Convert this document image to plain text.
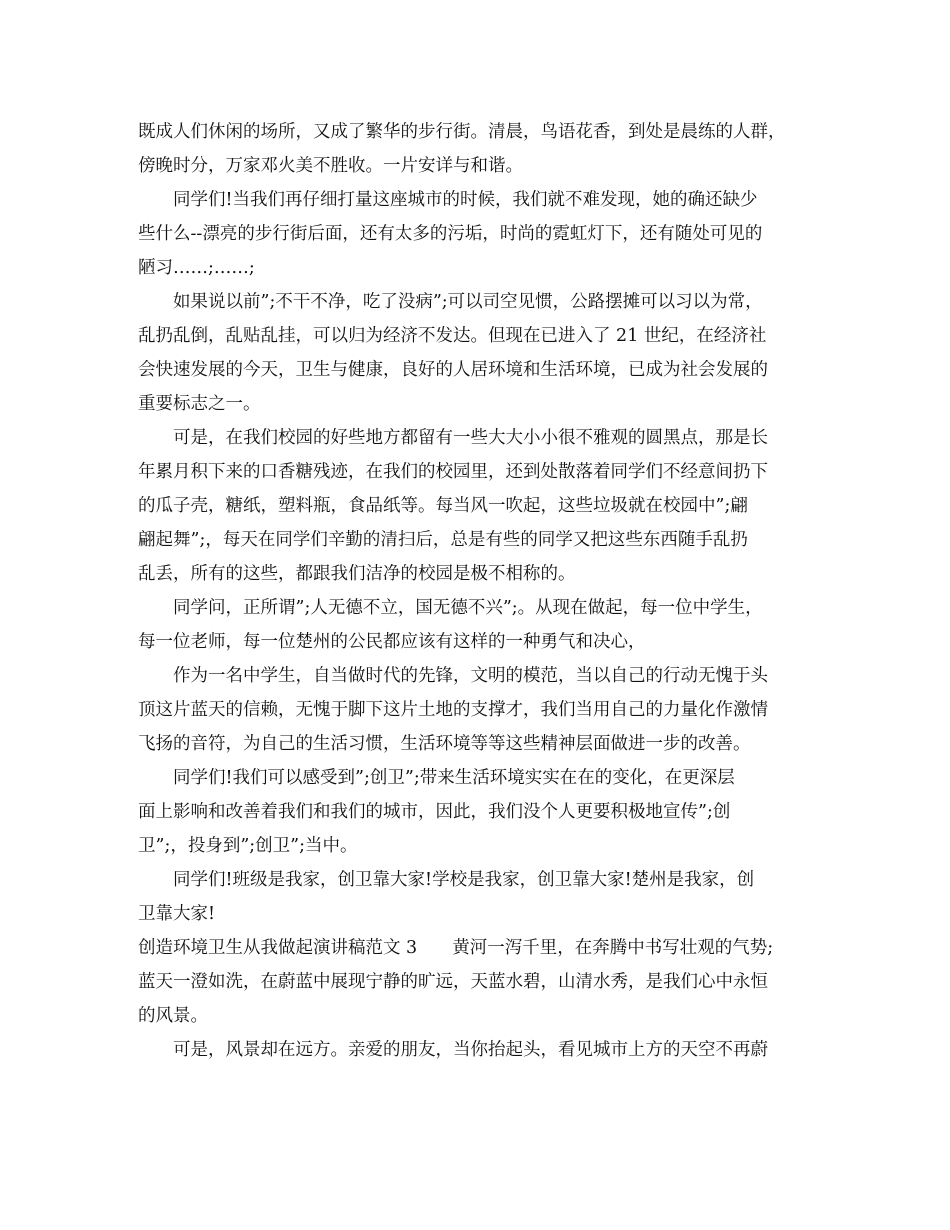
既成人们休闲的场所，又成了繁华的步行街。清晨，鸟语花香，到处是晨练的人群，
傍晚时分，万家邓火美不胜收。一片安详与和谐。
同学们!当我们再仔细打量这座城市的时候，我们就不难发现，她的确还缺少
些什么--漂亮的步行街后面，还有太多的污垢，时尚的霓虹灯下，还有随处可见的
陋习……;……;
如果说以前”;不干不净，吃了没病”;可以司空见惯，公路摆摊可以习以为常，
乱扔乱倒，乱贴乱挂，可以归为经济不发达。但现在已进入了 21 世纪，在经济社
会快速发展的今天，卫生与健康，良好的人居环境和生活环境，已成为社会发展的
重要标志之一。
可是，在我们校园的好些地方都留有一些大大小小很不雅观的圆黑点，那是长
年累月积下来的口香糖残迹，在我们的校园里，还到处散落着同学们不经意间扔下
的瓜子壳，糖纸，塑料瓶，食品纸等。每当风一吹起，这些垃圾就在校园中”;翩
翩起舞”;，每天在同学们辛勤的清扫后，总是有些的同学又把这些东西随手乱扔
乱丢，所有的这些，都跟我们洁净的校园是极不相称的。
同学问，正所谓”;人无德不立，国无德不兴”;。从现在做起，每一位中学生，
每一位老师，每一位楚州的公民都应该有这样的一种勇气和决心，
作为一名中学生，自当做时代的先锋，文明的模范，当以自己的行动无愧于头
顶这片蓝天的信赖，无愧于脚下这片土地的支撑才，我们当用自己的力量化作激情
飞扬的音符，为自己的生活习惯，生活环境等等这些精神层面做进一步的改善。
同学们!我们可以感受到”;创卫”;带来生活环境实实在在的变化，在更深层
面上影响和改善着我们和我们的城市，因此，我们没个人更要积极地宣传”;创
卫”;，投身到”;创卫”;当中。
同学们!班级是我家，创卫靠大家!学校是我家，创卫靠大家!楚州是我家，创
卫靠大家!
创造环境卫生从我做起演讲稿范文 3　　黄河一泻千里，在奔腾中书写壮观的气势;
蓝天一澄如洗，在蔚蓝中展现宁静的旷远，天蓝水碧，山清水秀，是我们心中永恒
的风景。
可是，风景却在远方。亲爱的朋友，当你抬起头，看见城市上方的天空不再蔚
